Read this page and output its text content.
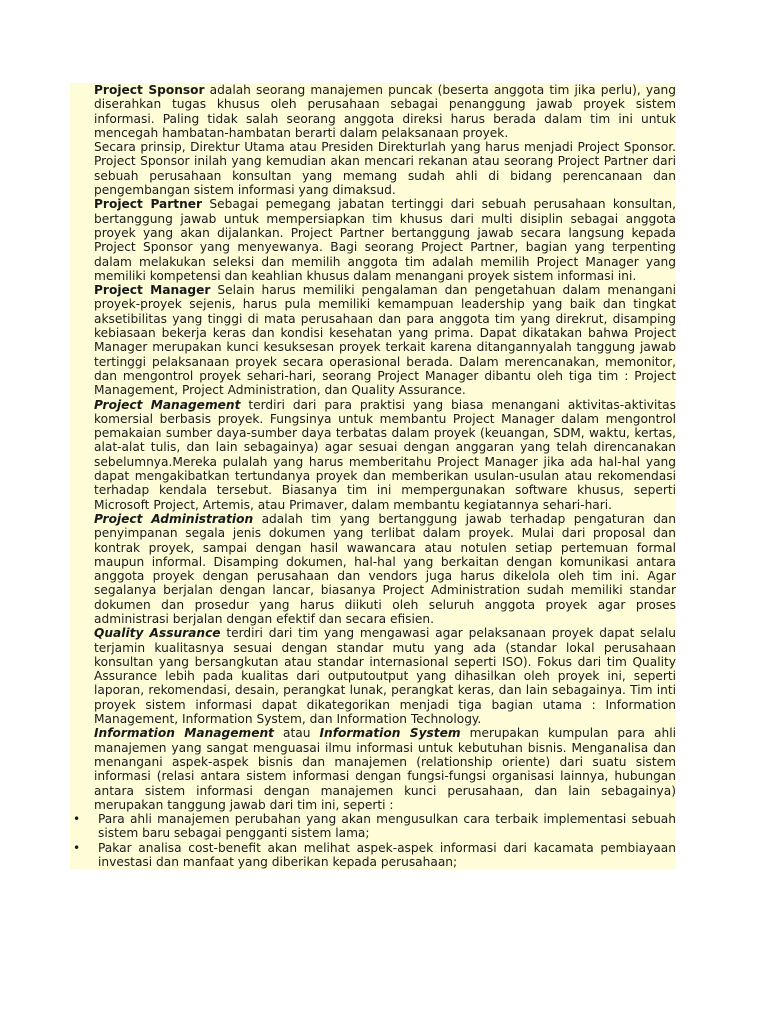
Project Sponsor adalah seorang manajemen puncak (beserta anggota tim jika perlu), yang diserahkan tugas khusus oleh perusahaan sebagai penanggung jawab proyek sistem informasi. Paling tidak salah seorang anggota direksi harus berada dalam tim ini untuk mencegah hambatan-hambatan berarti dalam pelaksanaan proyek.

Secara prinsip, Direktur Utama atau Presiden Direkturlah yang harus menjadi Project Sponsor. Project Sponsor inilah yang kemudian akan mencari rekanan atau seorang Project Partner dari sebuah perusahaan konsultan yang memang sudah ahli di bidang perencanaan dan pengembangan sistem informasi yang dimaksud.

Project Partner Sebagai pemegang jabatan tertinggi dari sebuah perusahaan konsultan, bertanggung jawab untuk mempersiapkan tim khusus dari multi disiplin sebagai anggota proyek yang akan dijalankan. Project Partner bertanggung jawab secara langsung kepada Project Sponsor yang menyewanya. Bagi seorang Project Partner, bagian yang terpenting dalam melakukan seleksi dan memilih anggota tim adalah memilih Project Manager yang memiliki kompetensi dan keahlian khusus dalam menangani proyek sistem informasi ini.

Project Manager Selain harus memiliki pengalaman dan pengetahuan dalam menangani proyek-proyek sejenis, harus pula memiliki kemampuan leadership yang baik dan tingkat aksetibilitas yang tinggi di mata perusahaan dan para anggota tim yang direkrut, disamping kebiasaan bekerja keras dan kondisi kesehatan yang prima. Dapat dikatakan bahwa Project Manager merupakan kunci kesuksesan proyek terkait karena ditangannyalah tanggung jawab tertinggi pelaksanaan proyek secara operasional berada. Dalam merencanakan, memonitor, dan mengontrol proyek sehari-hari, seorang Project Manager dibantu oleh tiga tim : Project Management, Project Administration, dan Quality Assurance.

Project Management terdiri dari para praktisi yang biasa menangani aktivitas-aktivitas komersial berbasis proyek. Fungsinya untuk membantu Project Manager dalam mengontrol pemakaian sumber daya-sumber daya terbatas dalam proyek (keuangan, SDM, waktu, kertas, alat-alat tulis, dan lain sebagainya) agar sesuai dengan anggaran yang telah direncanakan sebelumnya.Mereka pulalah yang harus memberitahu Project Manager jika ada hal-hal yang dapat mengakibatkan tertundanya proyek dan memberikan usulan-usulan atau rekomendasi terhadap kendala tersebut. Biasanya tim ini mempergunakan software khusus, seperti Microsoft Project, Artemis, atau Primaver, dalam membantu kegiatannya sehari-hari.

Project Administration adalah tim yang bertanggung jawab terhadap pengaturan dan penyimpanan segala jenis dokumen yang terlibat dalam proyek. Mulai dari proposal dan kontrak proyek, sampai dengan hasil wawancara atau notulen setiap pertemuan formal maupun informal. Disamping dokumen, hal-hal yang berkaitan dengan komunikasi antara anggota proyek dengan perusahaan dan vendors juga harus dikelola oleh tim ini. Agar segalanya berjalan dengan lancar, biasanya Project Administration sudah memiliki standar dokumen dan prosedur yang harus diikuti oleh seluruh anggota proyek agar proses administrasi berjalan dengan efektif dan secara efisien.

Quality Assurance terdiri dari tim yang mengawasi agar pelaksanaan proyek dapat selalu terjamin kualitasnya sesuai dengan standar mutu yang ada (standar lokal perusahaan konsultan yang bersangkutan atau standar internasional seperti ISO). Fokus dari tim Quality Assurance lebih pada kualitas dari outputoutput yang dihasilkan oleh proyek ini, seperti laporan, rekomendasi, desain, perangkat lunak, perangkat keras, dan lain sebagainya. Tim inti proyek sistem informasi dapat dikategorikan menjadi tiga bagian utama : Information Management, Information System, dan Information Technology.

Information Management atau Information System merupakan kumpulan para ahli manajemen yang sangat menguasai ilmu informasi untuk kebutuhan bisnis. Menganalisa dan menangani aspek-aspek bisnis dan manajemen (relationship oriente) dari suatu sistem informasi (relasi antara sistem informasi dengan fungsi-fungsi organisasi lainnya, hubungan antara sistem informasi dengan manajemen kunci perusahaan, dan lain sebagainya) merupakan tanggung jawab dari tim ini, seperti :

•	Para ahli manajemen perubahan yang akan mengusulkan cara terbaik implementasi sebuah sistem baru sebagai pengganti sistem lama;

•	Pakar analisa cost-benefit akan melihat aspek-aspek informasi dari kacamata pembiayaan investasi dan manfaat yang diberikan kepada perusahaan;
